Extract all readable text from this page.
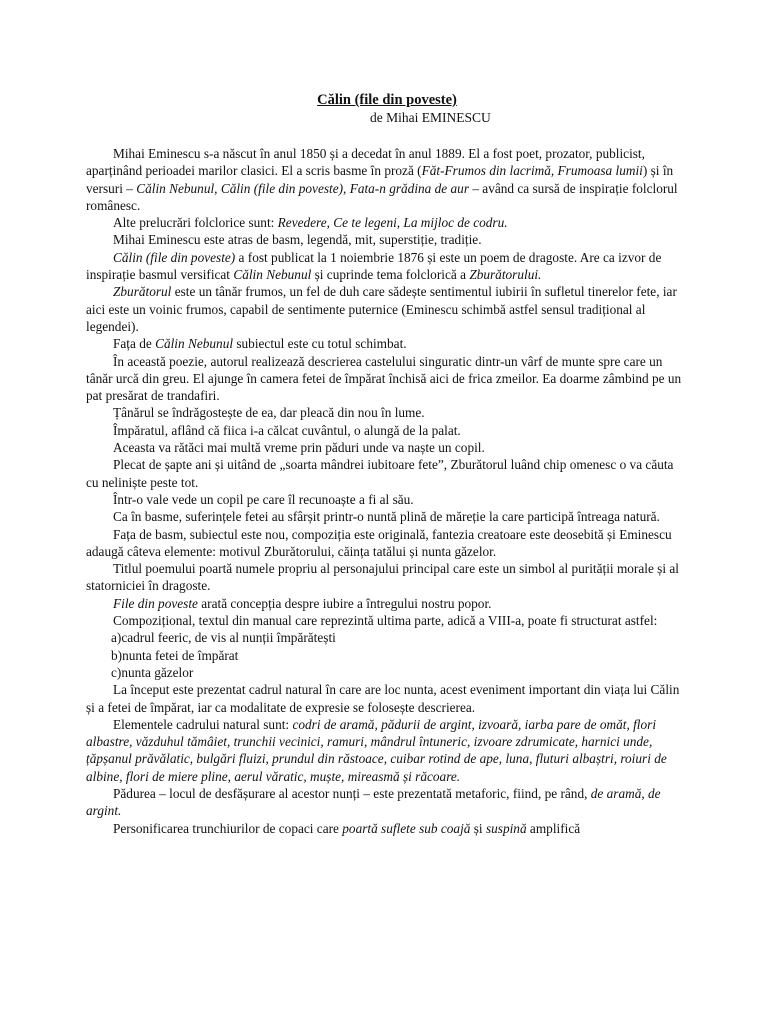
Călin (file din poveste)
de Mihai EMINESCU

Mihai Eminescu s-a născut în anul 1850 și a decedat în anul 1889. El a fost poet, prozator, publicist, aparținând perioadei marilor clasici. El a scris basme în proză (Făt-Frumos din lacrimă, Frumoasa lumii) și în versuri – Călin Nebunul, Călin (file din poveste), Fata-n grădina de aur – având ca sursă de inspirație folclorul românesc.

Alte prelucrări folclorice sunt: Revedere, Ce te legeni, La mijloc de codru.

Mihai Eminescu este atras de basm, legendă, mit, superstiție, tradiție.

Călin (file din poveste) a fost publicat la 1 noiembrie 1876 și este un poem de dragoste. Are ca izvor de inspirație basmul versificat Călin Nebunul și cuprinde tema folclorică a Zburătorului.

Zburătorul este un tânăr frumos, un fel de duh care sădește sentimentul iubirii în sufletul tinerelor fete, iar aici este un voinic frumos, capabil de sentimente puternice (Eminescu schimbă astfel sensul tradițional al legendei).

Fața de Călin Nebunul subiectul este cu totul schimbat.

În această poezie, autorul realizează descrierea castelului singuratic dintr-un vârf de munte spre care un tânăr urcă din greu. El ajunge în camera fetei de împărat închisă aici de frica zmeilor. Ea doarme zâmbind pe un pat presărat de trandafiri.

Țânărul se îndrăgostește de ea, dar pleacă din nou în lume.

Împăratul, aflând că fiica i-a călcat cuvântul, o alungă de la palat.

Aceasta va rătăci mai multă vreme prin păduri unde va naște un copil.

Plecat de șapte ani și uitând de „soarta mândrei iubitoare fete”, Zburătorul luând chip omenesc o va căuta cu neliniște peste tot.

Într-o vale vede un copil pe care îl recunoaște a fi al său.

Ca în basme, suferințele fetei au sfârșit printr-o nuntă plină de măreție la care participă întreaga natură.

Fața de basm, subiectul este nou, compoziția este originală, fantezia creatoare este deosebită și Eminescu adaugă câteva elemente: motivul Zburătorului, căința tatălui și nunta găzelor.

Titlul poemului poartă numele propriu al personajului principal care este un simbol al purității morale și al statorniciei în dragoste.

File din poveste arată concepția despre iubire a întregului nostru popor.

Compozițional, textul din manual care reprezintă ultima parte, adică a VIII-a, poate fi structurat astfel:

a)cadrul feeric, de vis al nunții împărătești

b)nunta fetei de împărat

c)nunta găzelor

La început este prezentat cadrul natural în care are loc nunta, acest eveniment important din viața lui Călin și a fetei de împărat, iar ca modalitate de expresie se folosește descrierea.

Elementele cadrului natural sunt: codri de aramă, pădurii de argint, izvoară, iarba pare de omăt, flori albastre, văzduhul tămâiet, trunchii vecinici, ramuri, mândrul întuneric, izvoare zdrumicate, harnici unde, țăpșanul prăvălatic, bulgări fluizi, prundul din răstoace, cuibar rotind de ape, luna, fluturi albaștri, roiuri de albine, flori de miere pline, aerul văratic, muște, mireasmă și răcoare.

Pădurea – locul de desfășurare al acestor nunți – este prezentată metaforic, fiind, pe rând, de aramă, de argint.

Personificarea trunchiurilor de copaci care poartă suflete sub coajă și suspină amplifică
